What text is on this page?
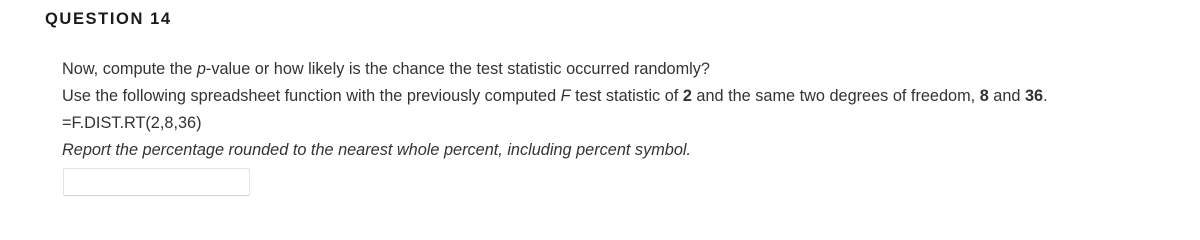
QUESTION 14
Now, compute the p-value or how likely is the chance the test statistic occurred randomly?
Use the following spreadsheet function with the previously computed F test statistic of 2 and the same two degrees of freedom, 8 and 36.
=F.DIST.RT(2,8,36)
Report the percentage rounded to the nearest whole percent, including percent symbol.
